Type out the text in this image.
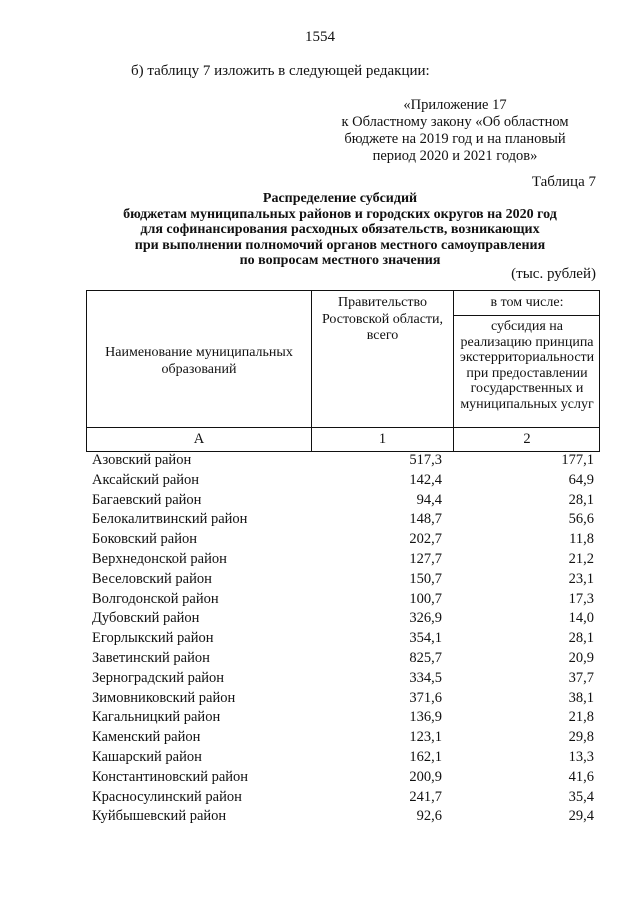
1554
б) таблицу 7 изложить в следующей редакции:
«Приложение 17
к Областному закону «Об областном
бюджете на 2019 год и на плановый
период 2020 и 2021 годов»
Таблица 7
Распределение субсидий
бюджетам муниципальных районов и городских округов на 2020 год
для софинансирования расходных обязательств, возникающих
при выполнении полномочий органов местного самоуправления
по вопросам местного значения
(тыс. рублей)
Наименование муниципальных образований
Правительство Ростовской области, всего
в том числе:
субсидия на реализацию принципа экстерриториальности при предоставлении государственных и муниципальных услуг
А	1	2
Азовский район	517,3	177,1
Аксайский район	142,4	64,9
Багаевский район	94,4	28,1
Белокалитвинский район	148,7	56,6
Боковский район	202,7	11,8
Верхнедонской район	127,7	21,2
Веселовский район	150,7	23,1
Волгодонской район	100,7	17,3
Дубовский район	326,9	14,0
Егорлыкский район	354,1	28,1
Заветинский район	825,7	20,9
Зерноградский район	334,5	37,7
Зимовниковский район	371,6	38,1
Кагальницкий район	136,9	21,8
Каменский район	123,1	29,8
Кашарский район	162,1	13,3
Константиновский район	200,9	41,6
Красносулинский район	241,7	35,4
Куйбышевский район	92,6	29,4
